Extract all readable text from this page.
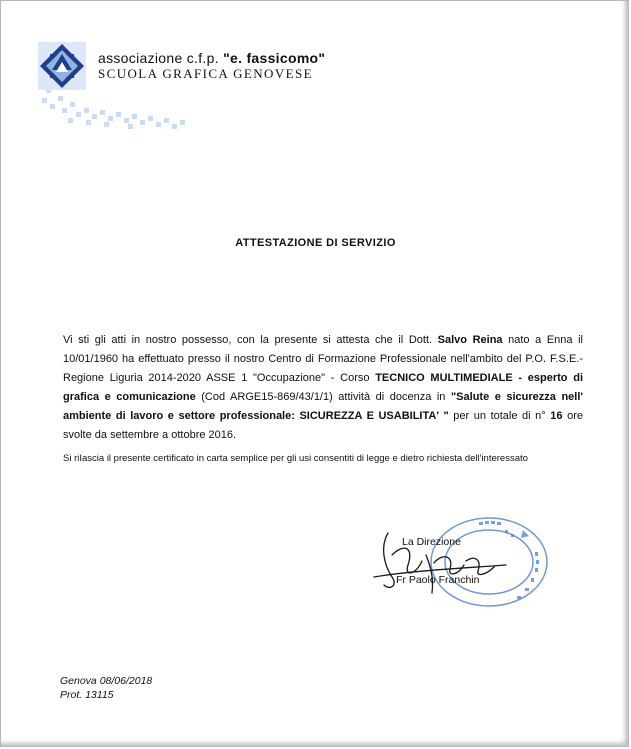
associazione c.f.p. "e. fassicomo"
SCUOLA GRAFICA GENOVESE
ATTESTAZIONE DI SERVIZIO
Vi sti gli atti in nostro possesso, con la presente si attesta che il Dott. Salvo Reina nato a Enna il 10/01/1960 ha effettuato presso il nostro Centro di Formazione Professionale nell'ambito del P.O. F.S.E.- Regione Liguria 2014-2020 ASSE 1 "Occupazione" - Corso TECNICO MULTIMEDIALE - esperto di grafica e comunicazione (Cod ARGE15-869/43/1/1) attività di docenza in "Salute e sicurezza nell' ambiente di lavoro e settore professionale: SICUREZZA E USABILITA' " per un totale di n° 16 ore svolte da settembre a ottobre 2016.
Si riIascia il presente certificato in carta semplice per gli usi consentiti di legge e dietro richiesta dell'interessato
La Direzione
Fr Paolo Franchin
Genova 08/06/2018
Prot. 13115
